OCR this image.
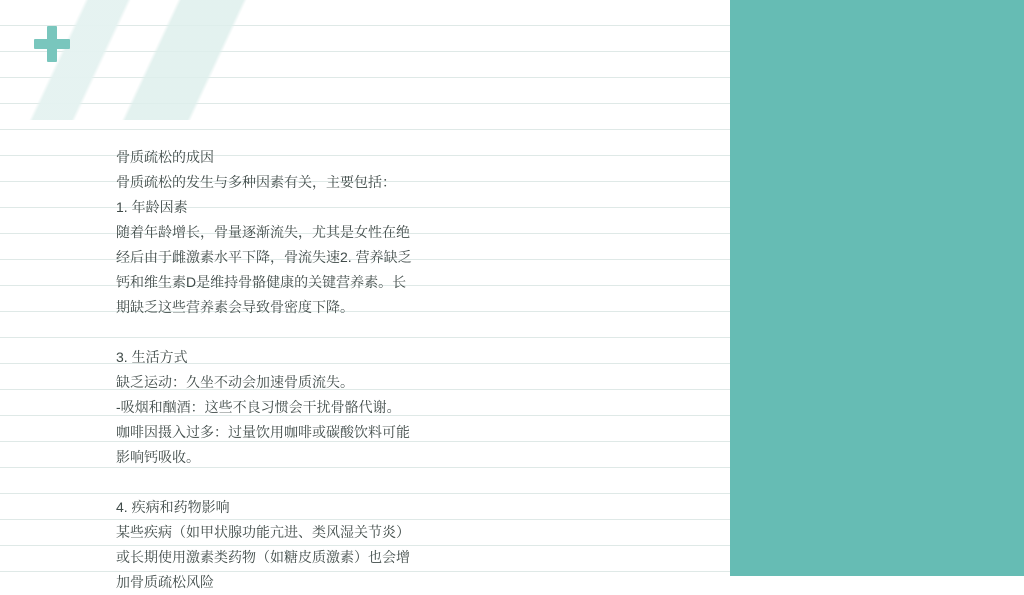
骨质疏松的成因

骨质疏松的发生与多种因素有关，主要包括：

1. 年龄因素

随着年龄增长，骨量逐渐流失，尤其是女性在绝

经后由于雌激素水平下降，骨流失速2. 营养缺乏

钙和维生素D是维持骨骼健康的关键营养素。长

期缺乏这些营养素会导致骨密度下降。

3. 生活方式

缺乏运动：久坐不动会加速骨质流失。

-吸烟和酗酒：这些不良习惯会干扰骨骼代谢。

咖啡因摄入过多：过量饮用咖啡或碳酸饮料可能

影响钙吸收。

4. 疾病和药物影响

某些疾病（如甲状腺功能亢进、类风湿关节炎）

或长期使用激素类药物（如糖皮质激素）也会增

加骨质疏松风险
